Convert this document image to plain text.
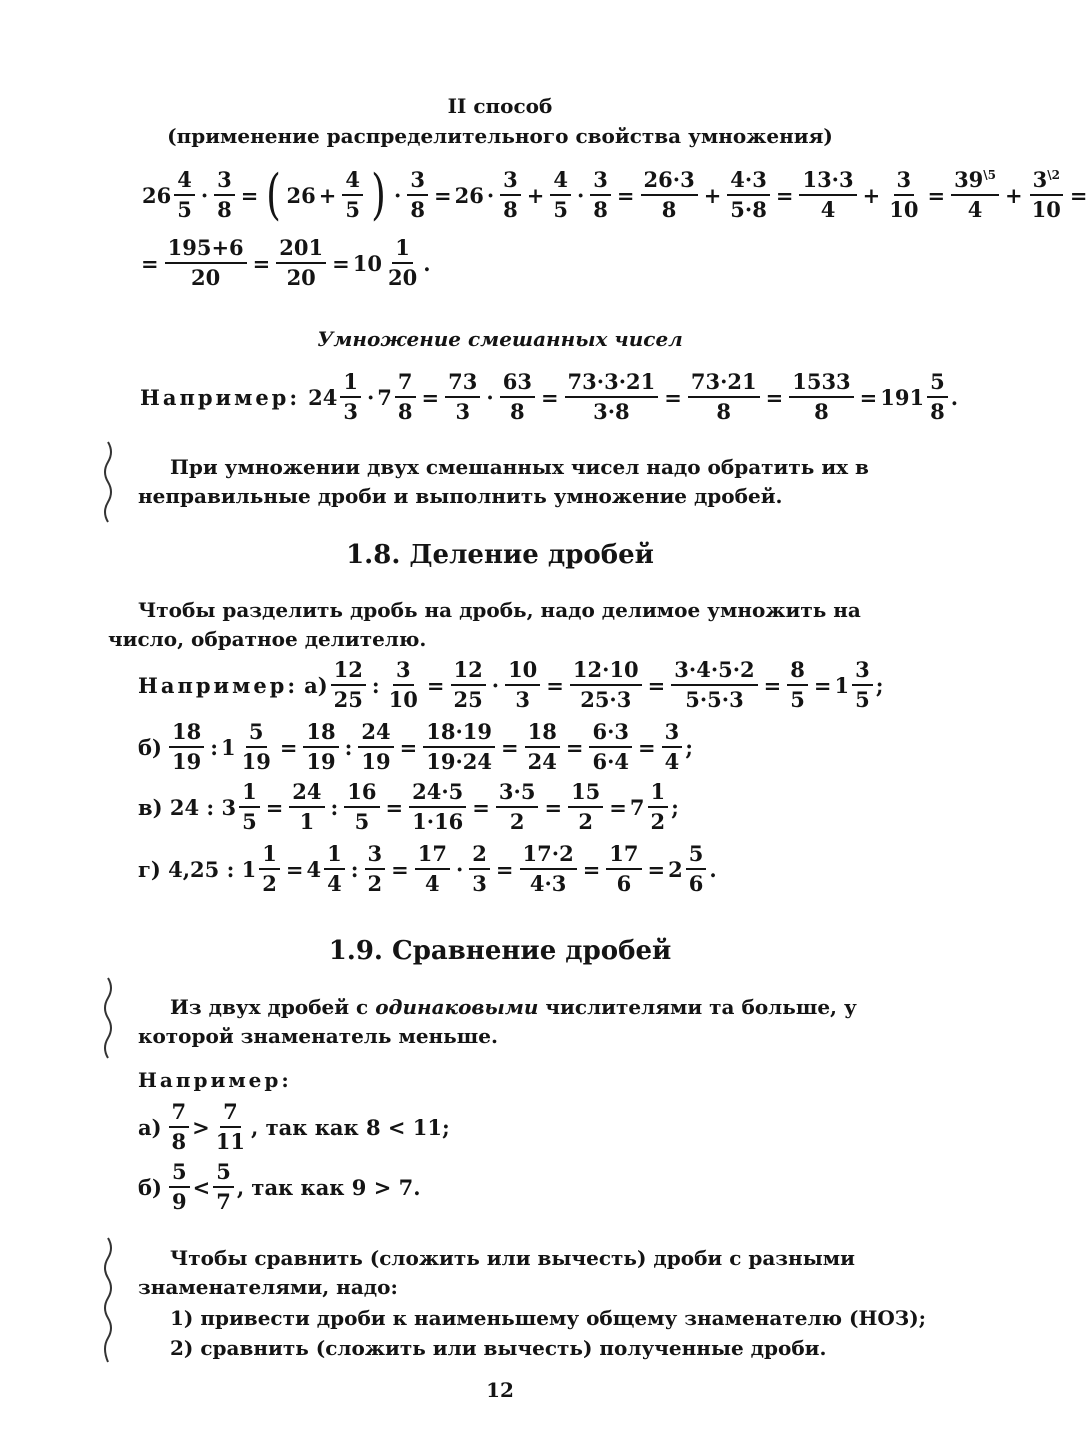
II способ
(применение распределительного свойства умножения)
26
4
5
· $\frac{3}{8}$ = ( $26 + \frac{4}{5}$ ) · $\frac{3}{8} = 26$ ·
3
8
+ $\frac{4}{5} \cdot \frac{3}{8} = \frac{26\cdot 3}{8} + \frac{4\cdot 3}{5\cdot 8} = \frac{13\cdot 3}{4} + \frac{3}{10} = \frac{39^{\backslash 5}}{4} + \frac{3^{\backslash 2}}{10}$ =
= $\frac{195+6}{20} = \frac{201}{20} = 10$
1
20
.
Умножение смешанных чисел
Например: 24
1
3
· $7 \frac{7}{8} = \frac{73}{3} \cdot \frac{63}{8} = \frac{73\cdot 3\cdot 21}{3\cdot 8} = \frac{73\cdot 21}{8} = \frac{1533}{8} = 191$
5
8
.
При умножении двух смешанных чисел надо обратить их в неправильные дроби и выполнить умножение дробей.
1.8. Деление дробей
Чтобы разделить дробь на дробь, надо делимое умножить на число, обратное делителю.
Например: а)
12
25
: $\frac{3}{10} = \frac{12}{25} \cdot \frac{10}{3} = \frac{12\cdot 10}{25\cdot 3} = \frac{3\cdot 4\cdot 5\cdot 2}{5\cdot 5\cdot 3} = \frac{8}{5} = 1$
3
5
;
б)
18
19
: $1 \frac{5}{19} = \frac{18}{19}$ : $\frac{24}{19} = \frac{18\cdot 19}{19\cdot 24} = \frac{18}{24} = \frac{6\cdot 3}{6\cdot 4} = \frac{3}{4}$ ;
в) 24 : $3 \frac{1}{5} = \frac{24}{1}$ : $\frac{16}{5} = \frac{24\cdot 5}{1\cdot 16} = \frac{3\cdot 5}{2} = \frac{15}{2} = 7$
1
2
;
г) 4,25 : $1 \frac{1}{2} = 4$
1
4
: $\frac{3}{2} = \frac{17}{4} \cdot \frac{2}{3} = \frac{17\cdot 2}{4\cdot 3} = \frac{17}{6} = 2$
5
6
.
1.9. Сравнение дробей
Из двух дробей с одинаковыми числителями та больше, у которой знаменатель меньше.
Например:
а)
7
8
>
7
11
, так как 8 < 11;
б)
5
9
<
5
7
, так как 9 > 7.
Чтобы сравнить (сложить или вычесть) дроби с разными знаменателями, надо:
1) привести дроби к наименьшему общему знаменателю (НОЗ);
2) сравнить (сложить или вычесть) полученные дроби.
12
